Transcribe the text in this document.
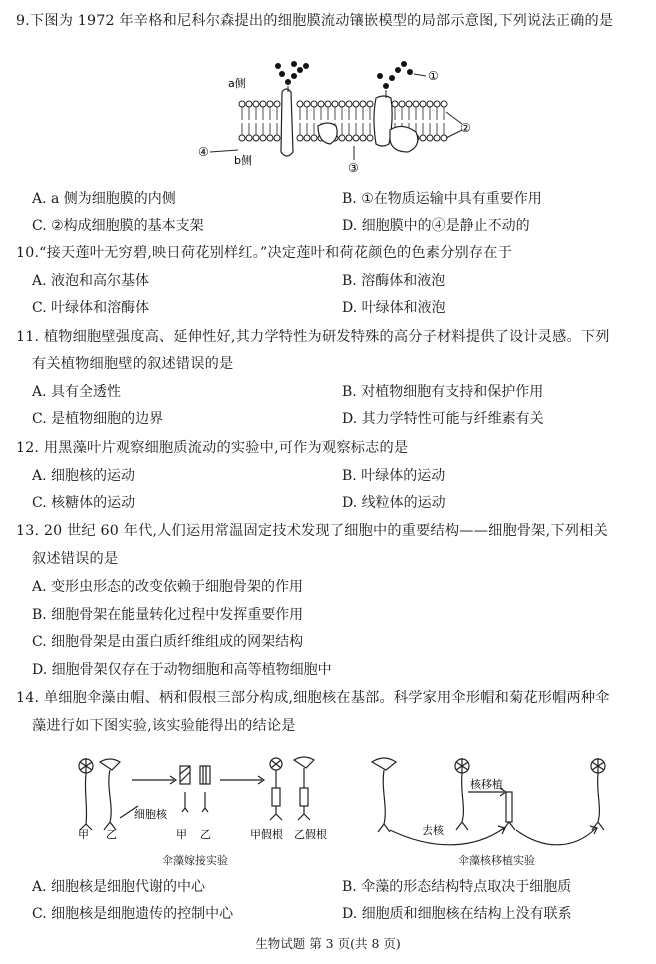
9.下图为 1972 年辛格和尼科尔森提出的细胞膜流动镶嵌模型的局部示意图,下列说法正确的是
a侧
b侧
④
①
②
③
A. a 侧为细胞膜的内侧	B. ①在物质运输中具有重要作用
C. ②构成细胞膜的基本支架	D. 细胞膜中的④是静止不动的
10.“接天莲叶无穷碧,映日荷花别样红。”决定莲叶和荷花颜色的色素分别存在于
A. 液泡和高尔基体	B. 溶酶体和液泡
C. 叶绿体和溶酶体	D. 叶绿体和液泡
11. 植物细胞壁强度高、延伸性好,其力学特性为研发特殊的高分子材料提供了设计灵感。下列
有关植物细胞壁的叙述错误的是
A. 具有全透性	B. 对植物细胞有支持和保护作用
C. 是植物细胞的边界	D. 其力学特性可能与纤维素有关
12. 用黑藻叶片观察细胞质流动的实验中,可作为观察标志的是
A. 细胞核的运动	B. 叶绿体的运动
C. 核糖体的运动	D. 线粒体的运动
13. 20 世纪 60 年代,人们运用常温固定技术发现了细胞中的重要结构——细胞骨架,下列相关
叙述错误的是
A. 变形虫形态的改变依赖于细胞骨架的作用
B. 细胞骨架在能量转化过程中发挥重要作用
C. 细胞骨架是由蛋白质纤维组成的网架结构
D. 细胞骨架仅存在于动物细胞和高等植物细胞中
14. 单细胞伞藻由帽、柄和假根三部分构成,细胞核在基部。科学家用伞形帽和菊花形帽两种伞
藻进行如下图实验,该实验能得出的结论是
甲 乙
细胞核
甲 乙	甲假根 乙假根
伞藻嫁接实验
核移植
去核
伞藻核移植实验
A. 细胞核是细胞代谢的中心	B. 伞藻的形态结构特点取决于细胞质
C. 细胞核是细胞遗传的控制中心	D. 细胞质和细胞核在结构上没有联系
生物试题 第 3 页(共 8 页)
